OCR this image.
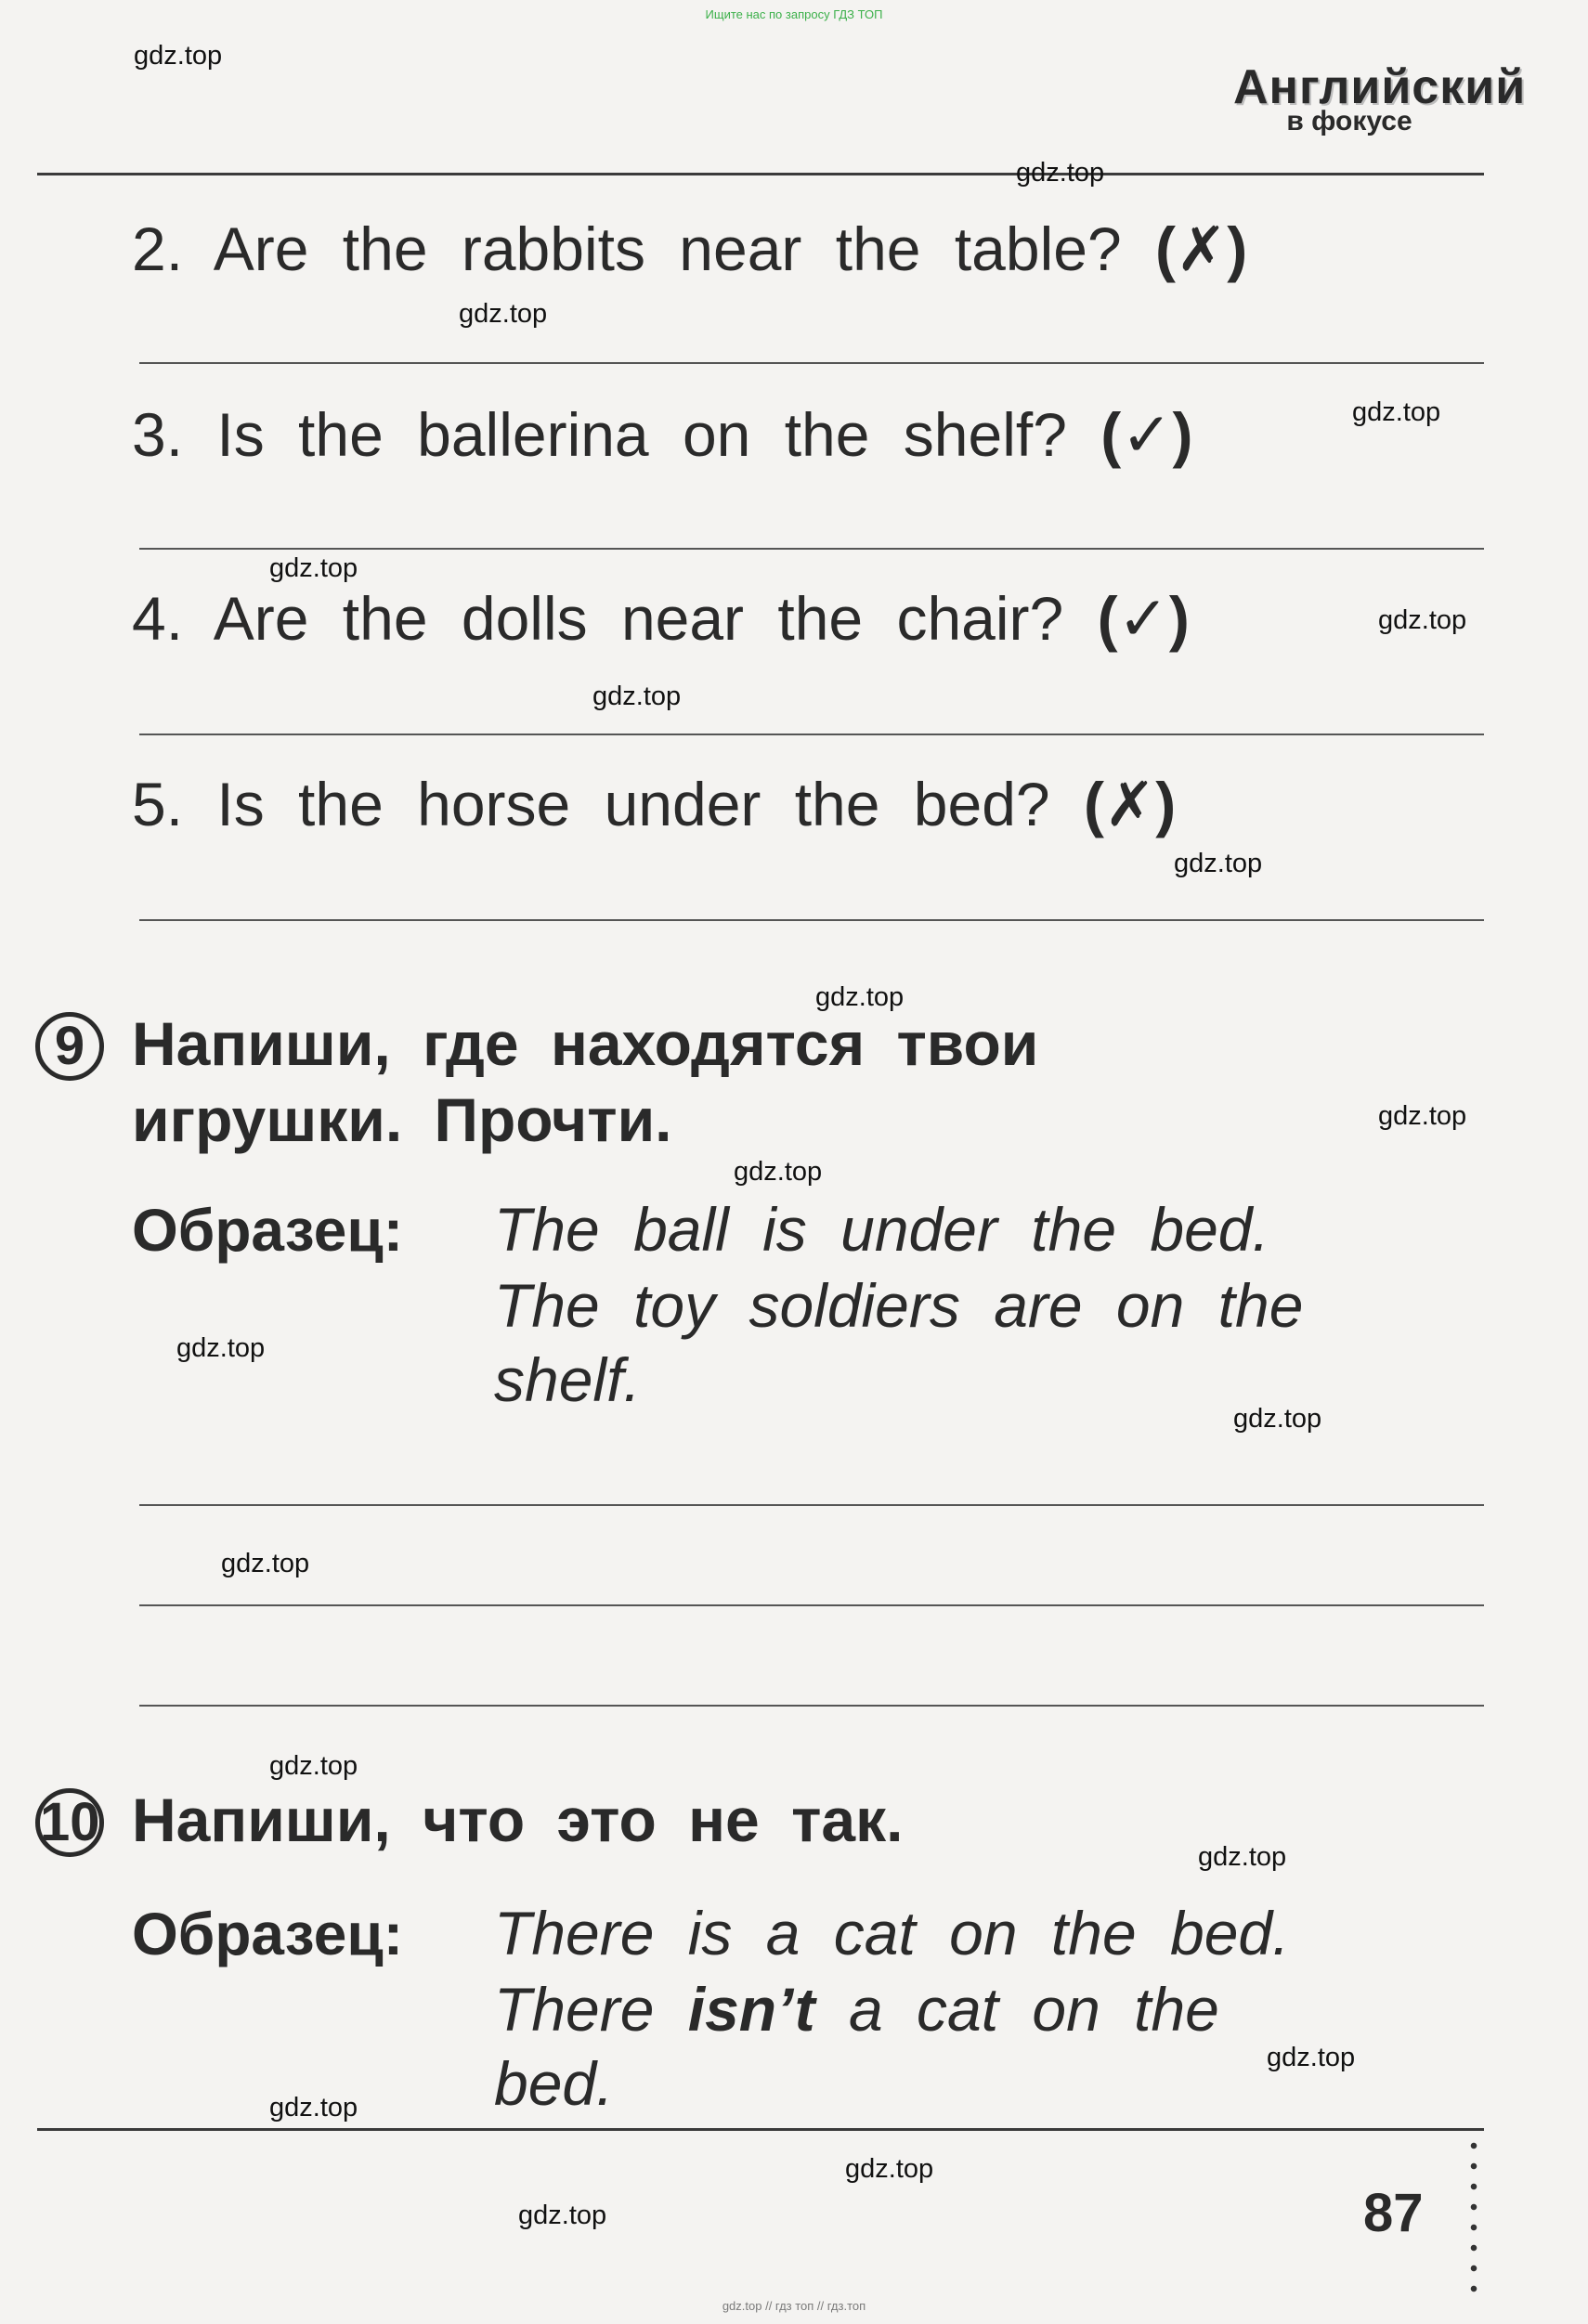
Ищите нас по запросу ГДЗ ТОП
gdz.top // гдз топ // гдз.топ
Английский
в фокусе
2. Are the rabbits near the table? (✗)
3. Is the ballerina on the shelf? (✓)
4. Are the dolls near the chair? (✓)
5. Is the horse under the bed? (✗)
9 Напиши, где находятся твои
игрушки. Прочти.
Образец: The ball is under the bed.
The toy soldiers are on the
shelf.
10 Напиши, что это не так.
Образец: There is a cat on the bed.
There isn’t a cat on the
bed.
87
gdz.top
gdz.top
gdz.top
gdz.top
gdz.top
gdz.top
gdz.top
gdz.top
gdz.top
gdz.top
gdz.top
gdz.top
gdz.top
gdz.top
gdz.top
gdz.top
gdz.top
gdz.top
gdz.top
gdz.top
